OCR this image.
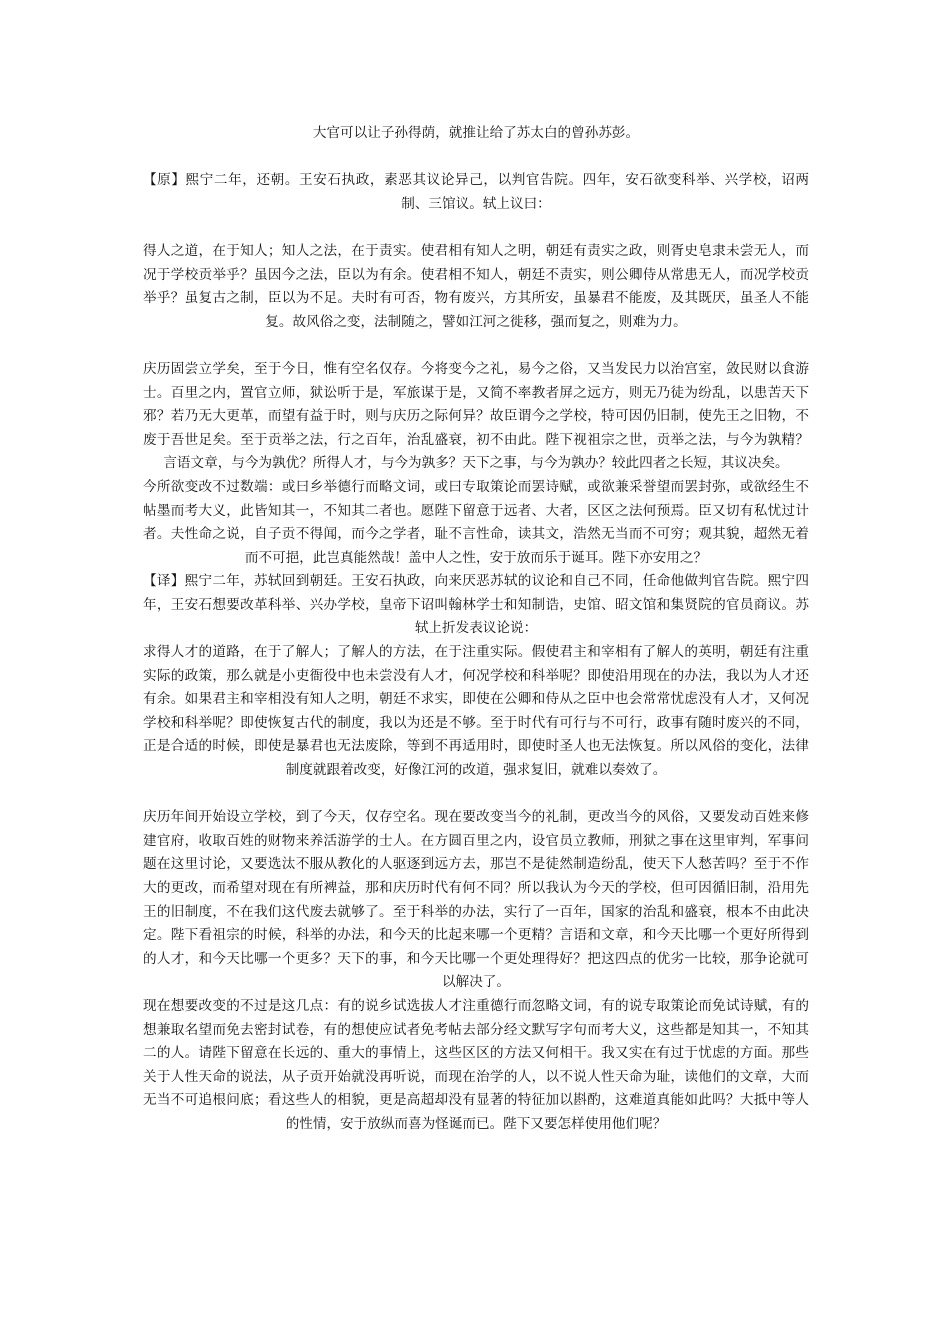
大官可以让子孙得荫，就推让给了苏太白的曾孙苏彭。

【原】熙宁二年，还朝。王安石执政，素恶其议论异己，以判官告院。四年，安石欲变科举、兴学校，诏两制、三馆议。轼上议曰：

得人之道，在于知人；知人之法，在于责实。使君相有知人之明，朝廷有责实之政，则胥史皂隶未尝无人，而况于学校贡举乎？虽因今之法，臣以为有余。使君相不知人，朝廷不责实，则公卿侍从常患无人，而况学校贡举乎？虽复古之制，臣以为不足。夫时有可否，物有废兴，方其所安，虽暴君不能废，及其既厌，虽圣人不能复。故风俗之变，法制随之，譬如江河之徙移，强而复之，则难为力。

庆历固尝立学矣，至于今日，惟有空名仅存。今将变今之礼，易今之俗，又当发民力以治宫室，敛民财以食游士。百里之内，置官立师，狱讼听于是，军旅谋于是，又简不率教者屏之远方，则无乃徒为纷乱，以患苦天下邪？若乃无大更革，而望有益于时，则与庆历之际何异？故臣谓今之学校，特可因仍旧制，使先王之旧物，不废于吾世足矣。至于贡举之法，行之百年，治乱盛衰，初不由此。陛下视祖宗之世，贡举之法，与今为孰精？言语文章，与今为孰优？所得人才，与今为孰多？天下之事，与今为孰办？较此四者之长短，其议决矣。

今所欲变改不过数端：或曰乡举德行而略文词，或曰专取策论而罢诗赋，或欲兼采誉望而罢封弥，或欲经生不帖墨而考大义，此皆知其一，不知其二者也。愿陛下留意于远者、大者，区区之法何预焉。臣又切有私忧过计者。夫性命之说，自子贡不得闻，而今之学者，耻不言性命，读其文，浩然无当而不可穷；观其貌，超然无着而不可挹，此岂真能然哉！盖中人之性，安于放而乐于诞耳。陛下亦安用之？

【译】熙宁二年，苏轼回到朝廷。王安石执政，向来厌恶苏轼的议论和自己不同，任命他做判官告院。熙宁四年，王安石想要改革科举、兴办学校，皇帝下诏叫翰林学士和知制诰，史馆、昭文馆和集贤院的官员商议。苏轼上折发表议论说：

求得人才的道路，在于了解人；了解人的方法，在于注重实际。假使君主和宰相有了解人的英明，朝廷有注重实际的政策，那么就是小吏衙役中也未尝没有人才，何况学校和科举呢？即使沿用现在的办法，我以为人才还有余。如果君主和宰相没有知人之明，朝廷不求实，即使在公卿和侍从之臣中也会常常忧虑没有人才，又何况学校和科举呢？即使恢复古代的制度，我以为还是不够。至于时代有可行与不可行，政事有随时废兴的不同，正是合适的时候，即使是暴君也无法废除，等到不再适用时，即使时圣人也无法恢复。所以风俗的变化，法律制度就跟着改变，好像江河的改道，强求复旧，就难以奏效了。

庆历年间开始设立学校，到了今天，仅存空名。现在要改变当今的礼制，更改当今的风俗，又要发动百姓来修建官府，收取百姓的财物来养活游学的士人。在方圆百里之内，设官员立教师，刑狱之事在这里审判，军事问题在这里讨论，又要选汰不服从教化的人驱逐到远方去，那岂不是徒然制造纷乱，使天下人愁苦吗？至于不作大的更改，而希望对现在有所裨益，那和庆历时代有何不同？所以我认为今天的学校，但可因循旧制，沿用先王的旧制度，不在我们这代废去就够了。至于科举的办法，实行了一百年，国家的治乱和盛衰，根本不由此决定。陛下看祖宗的时候，科举的办法，和今天的比起来哪一个更精？言语和文章，和今天比哪一个更好所得到的人才，和今天比哪一个更多？天下的事，和今天比哪一个更处理得好？把这四点的优劣一比较，那争论就可以解决了。

现在想要改变的不过是这几点：有的说乡试选拔人才注重德行而忽略文词，有的说专取策论而免试诗赋，有的想兼取名望而免去密封试卷，有的想使应试者免考帖去部分经文默写字句而考大义，这些都是知其一，不知其二的人。请陛下留意在长远的、重大的事情上，这些区区的方法又何相干。我又实在有过于忧虑的方面。那些关于人性天命的说法，从子贡开始就没再听说，而现在治学的人，以不说人性天命为耻，读他们的文章，大而无当不可追根问底；看这些人的相貌，更是高超却没有显著的特征加以斟酌，这难道真能如此吗？大抵中等人的性情，安于放纵而喜为怪诞而已。陛下又要怎样使用他们呢？
